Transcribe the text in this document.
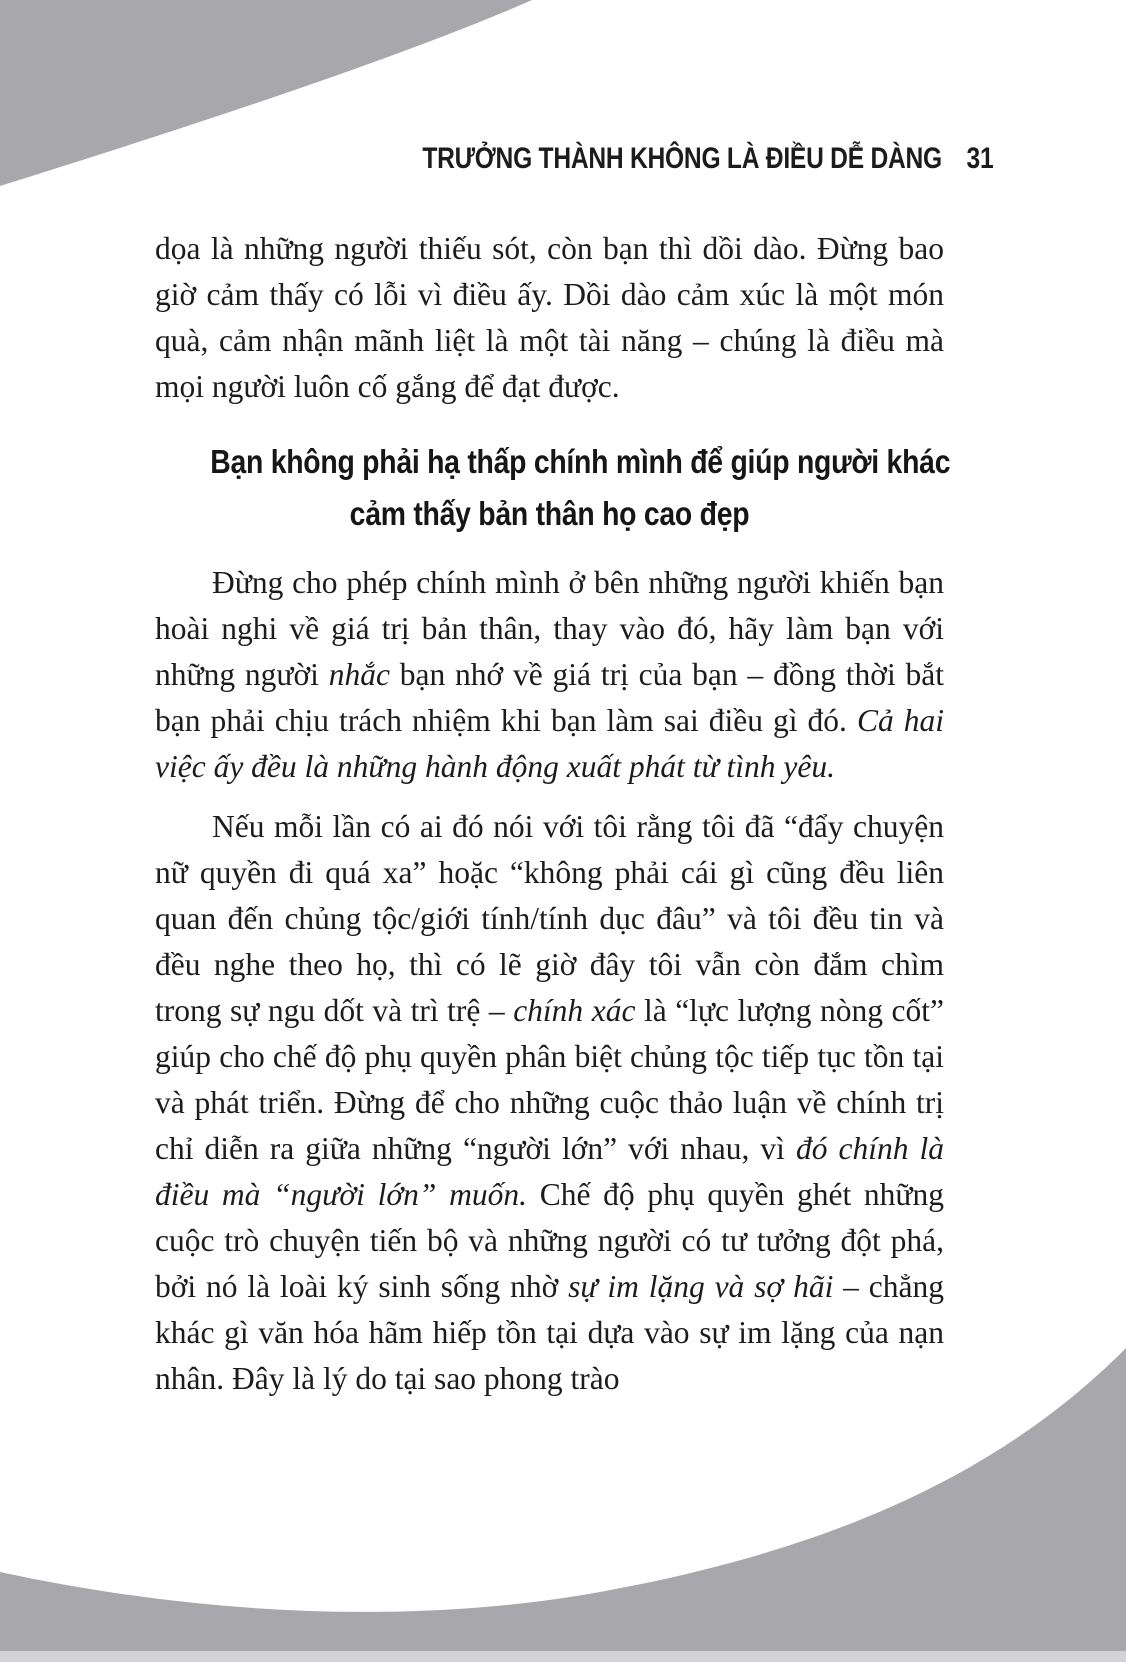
TRƯỞNG THÀNH KHÔNG LÀ ĐIỀU DỄ DÀNG 31

dọa là những người thiếu sót, còn bạn thì dồi dào. Đừng bao giờ cảm thấy có lỗi vì điều ấy. Dồi dào cảm xúc là một món quà, cảm nhận mãnh liệt là một tài năng – chúng là điều mà mọi người luôn cố gắng để đạt được.

Bạn không phải hạ thấp chính mình để giúp người khác
cảm thấy bản thân họ cao đẹp

Đừng cho phép chính mình ở bên những người khiến bạn hoài nghi về giá trị bản thân, thay vào đó, hãy làm bạn với những người nhắc bạn nhớ về giá trị của bạn – đồng thời bắt bạn phải chịu trách nhiệm khi bạn làm sai điều gì đó. Cả hai việc ấy đều là những hành động xuất phát từ tình yêu.

Nếu mỗi lần có ai đó nói với tôi rằng tôi đã “đẩy chuyện nữ quyền đi quá xa” hoặc “không phải cái gì cũng đều liên quan đến chủng tộc/giới tính/tính dục đâu” và tôi đều tin và đều nghe theo họ, thì có lẽ giờ đây tôi vẫn còn đắm chìm trong sự ngu dốt và trì trệ – chính xác là “lực lượng nòng cốt” giúp cho chế độ phụ quyền phân biệt chủng tộc tiếp tục tồn tại và phát triển. Đừng để cho những cuộc thảo luận về chính trị chỉ diễn ra giữa những “người lớn” với nhau, vì đó chính là điều mà “người lớn” muốn. Chế độ phụ quyền ghét những cuộc trò chuyện tiến bộ và những người có tư tưởng đột phá, bởi nó là loài ký sinh sống nhờ sự im lặng và sợ hãi – chẳng khác gì văn hóa hãm hiếp tồn tại dựa vào sự im lặng của nạn nhân. Đây là lý do tại sao phong trào
